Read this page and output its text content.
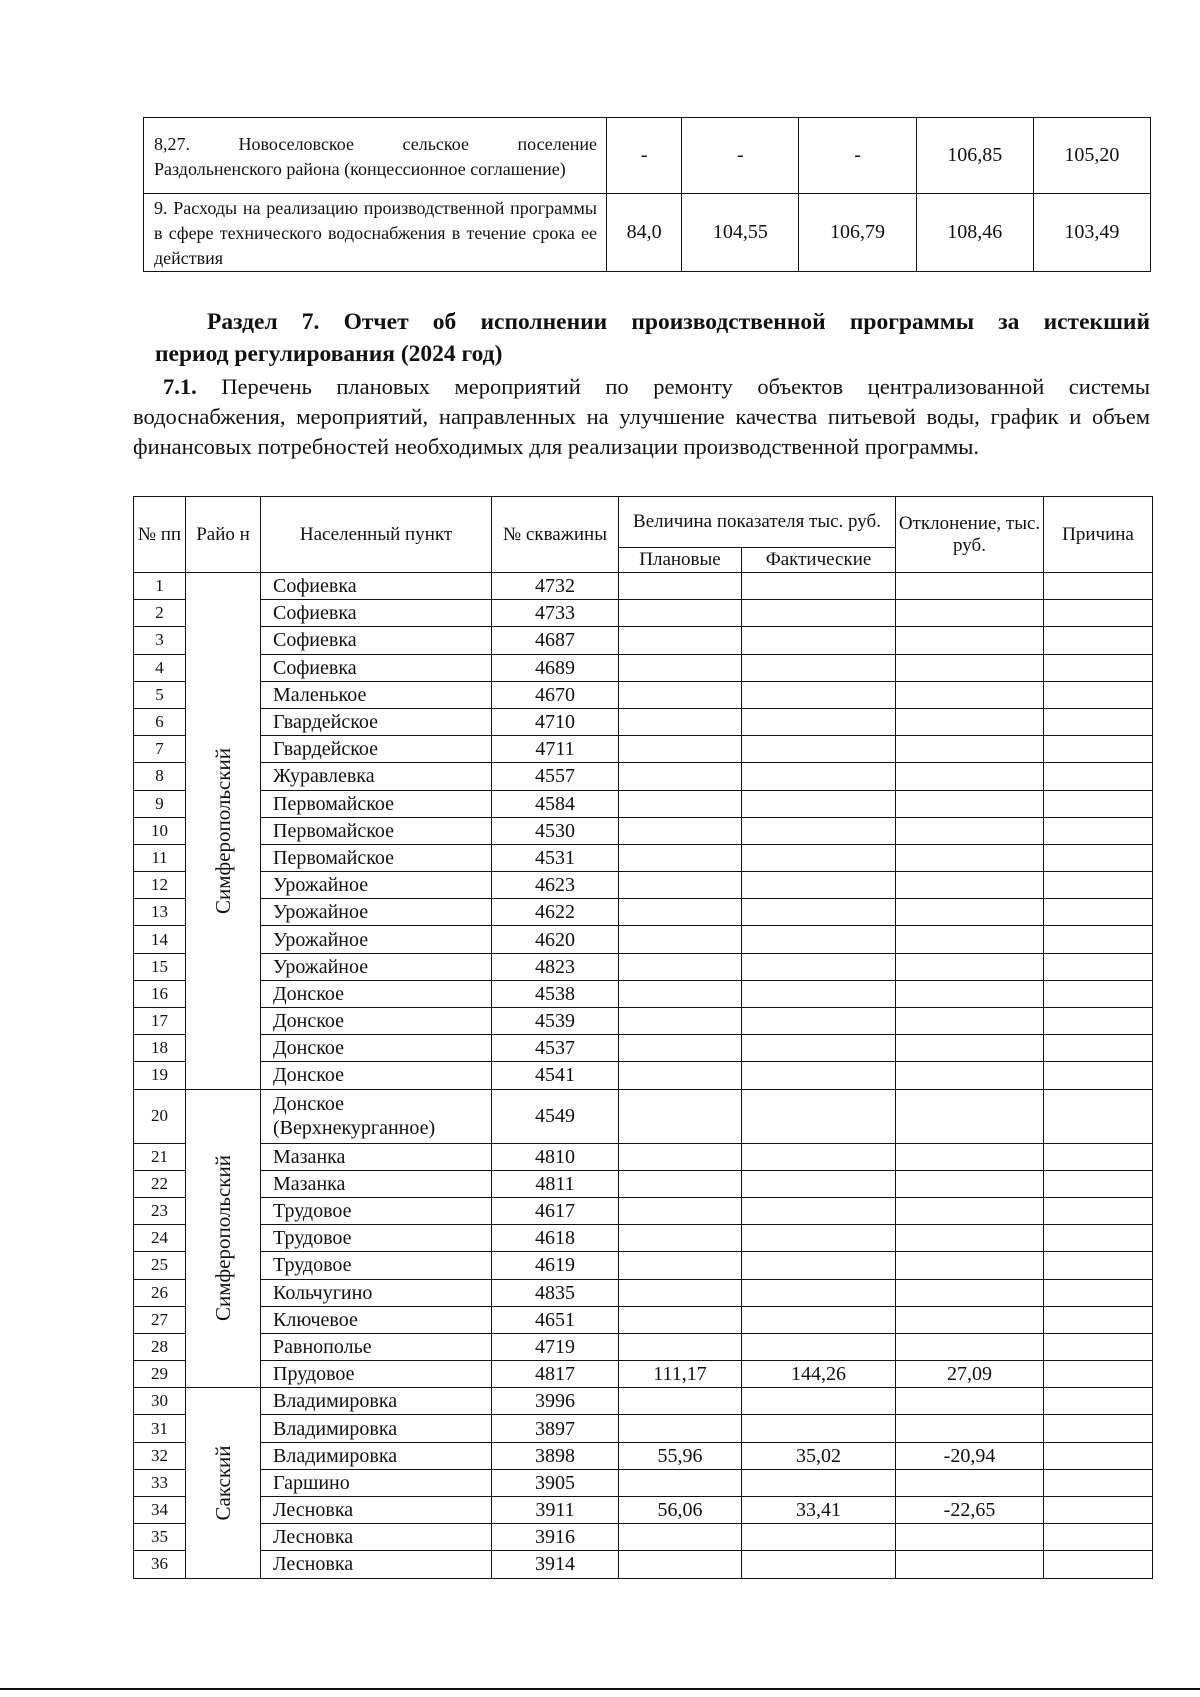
8,27. Новоселовское сельское поселение Раздольненского района (концессионное соглашение)	-	-	-	106,85	105,20
9. Расходы на реализацию производственной программы в сфере технического водоснабжения в течение срока ее действия	84,0	104,55	106,79	108,46	103,49
Раздел 7. Отчет об исполнении производственной программы за истекший
период регулирования (2024 год)
7.1. Перечень плановых мероприятий по ремонту объектов централизованной системы водоснабжения, мероприятий, направленных на улучшение качества питьевой воды, график и объем финансовых потребностей необходимых для реализации производственной программы.
№ пп	Райо н	Населенный пункт	№ скважины	Величина показателя тыс. руб.		Отклонение, тыс. руб.	Причина
				Плановые	Фактические		
1	Симферопольский	Софиевка	4732				
2		Софиевка	4733				
3		Софиевка	4687				
4		Софиевка	4689				
5		Маленькое	4670				
6		Гвардейское	4710				
7		Гвардейское	4711				
8		Журавлевка	4557				
9		Первомайское	4584				
10		Первомайское	4530				
11		Первомайское	4531				
12		Урожайное	4623				
13		Урожайное	4622				
14		Урожайное	4620				
15		Урожайное	4823				
16		Донское	4538				
17		Донское	4539				
18		Донское	4537				
19		Донское	4541				
20	Симферопольский	Донское (Верхнекурганное)	4549				
21		Мазанка	4810				
22		Мазанка	4811				
23		Трудовое	4617				
24		Трудовое	4618				
25		Трудовое	4619				
26		Кольчугино	4835				
27		Ключевое	4651				
28		Равнополье	4719				
29		Прудовое	4817	111,17	144,26	27,09	
30	Сакский	Владимировка	3996				
31		Владимировка	3897				
32		Владимировка	3898	55,96	35,02	-20,94	
33		Гаршино	3905				
34		Лесновка	3911	56,06	33,41	-22,65	
35		Лесновка	3916				
36		Лесновка	3914				
